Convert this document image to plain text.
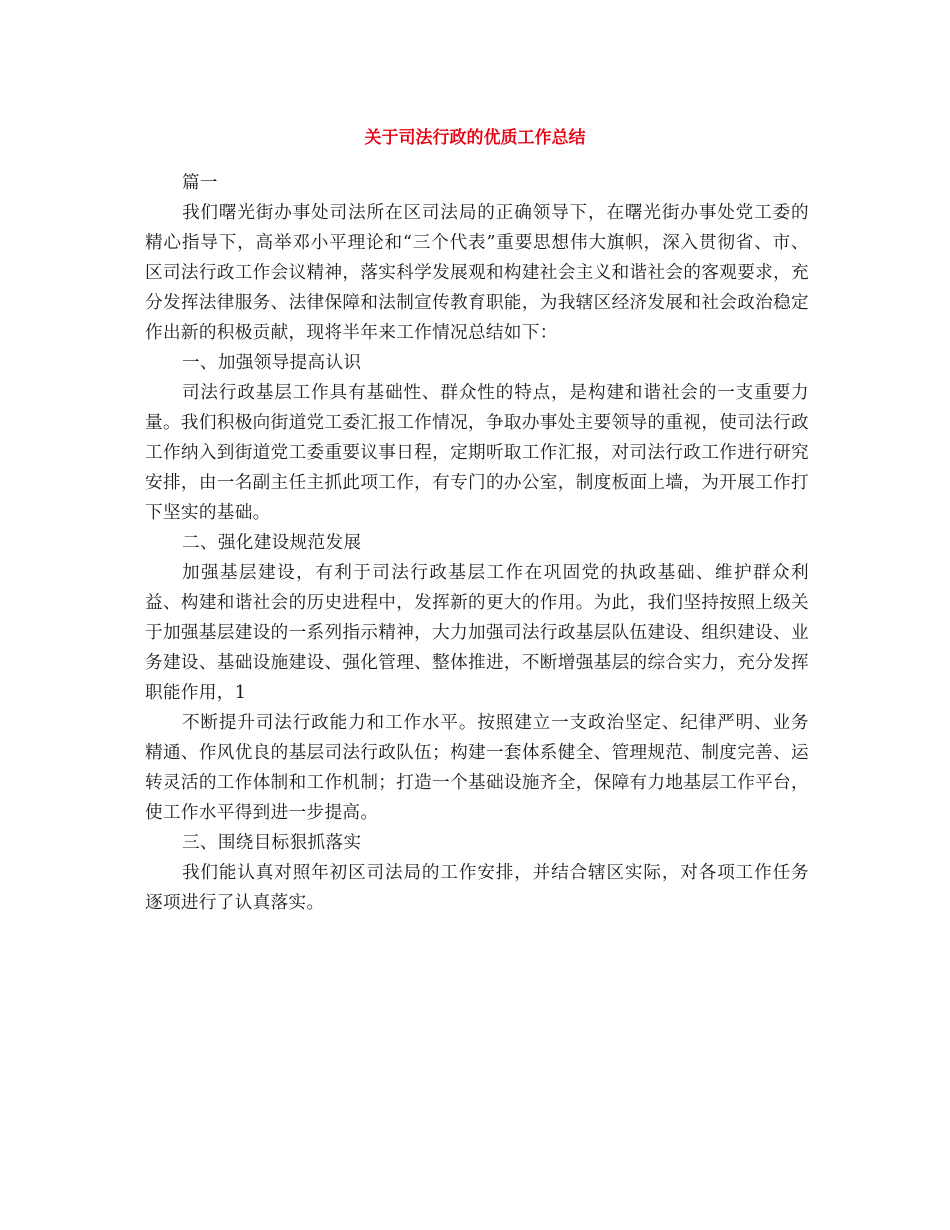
关于司法行政的优质工作总结

篇一

我们曙光街办事处司法所在区司法局的正确领导下，在曙光街办事处党工委的精心指导下，高举邓小平理论和“三个代表”重要思想伟大旗帜，深入贯彻省、市、区司法行政工作会议精神，落实科学发展观和构建社会主义和谐社会的客观要求，充分发挥法律服务、法律保障和法制宣传教育职能，为我辖区经济发展和社会政治稳定作出新的积极贡献，现将半年来工作情况总结如下：

一、加强领导提高认识

司法行政基层工作具有基础性、群众性的特点，是构建和谐社会的一支重要力量。我们积极向街道党工委汇报工作情况，争取办事处主要领导的重视，使司法行政工作纳入到街道党工委重要议事日程，定期听取工作汇报，对司法行政工作进行研究安排，由一名副主任主抓此项工作，有专门的办公室，制度板面上墙，为开展工作打下坚实的基础。

二、强化建设规范发展

加强基层建设，有利于司法行政基层工作在巩固党的执政基础、维护群众利益、构建和谐社会的历史进程中，发挥新的更大的作用。为此，我们坚持按照上级关于加强基层建设的一系列指示精神，大力加强司法行政基层队伍建设、组织建设、业务建设、基础设施建设、强化管理、整体推进，不断增强基层的综合实力，充分发挥职能作用，1

不断提升司法行政能力和工作水平。按照建立一支政治坚定、纪律严明、业务精通、作风优良的基层司法行政队伍；构建一套体系健全、管理规范、制度完善、运转灵活的工作体制和工作机制；打造一个基础设施齐全，保障有力地基层工作平台，使工作水平得到进一步提高。

三、围绕目标狠抓落实

我们能认真对照年初区司法局的工作安排，并结合辖区实际，对各项工作任务逐项进行了认真落实。
